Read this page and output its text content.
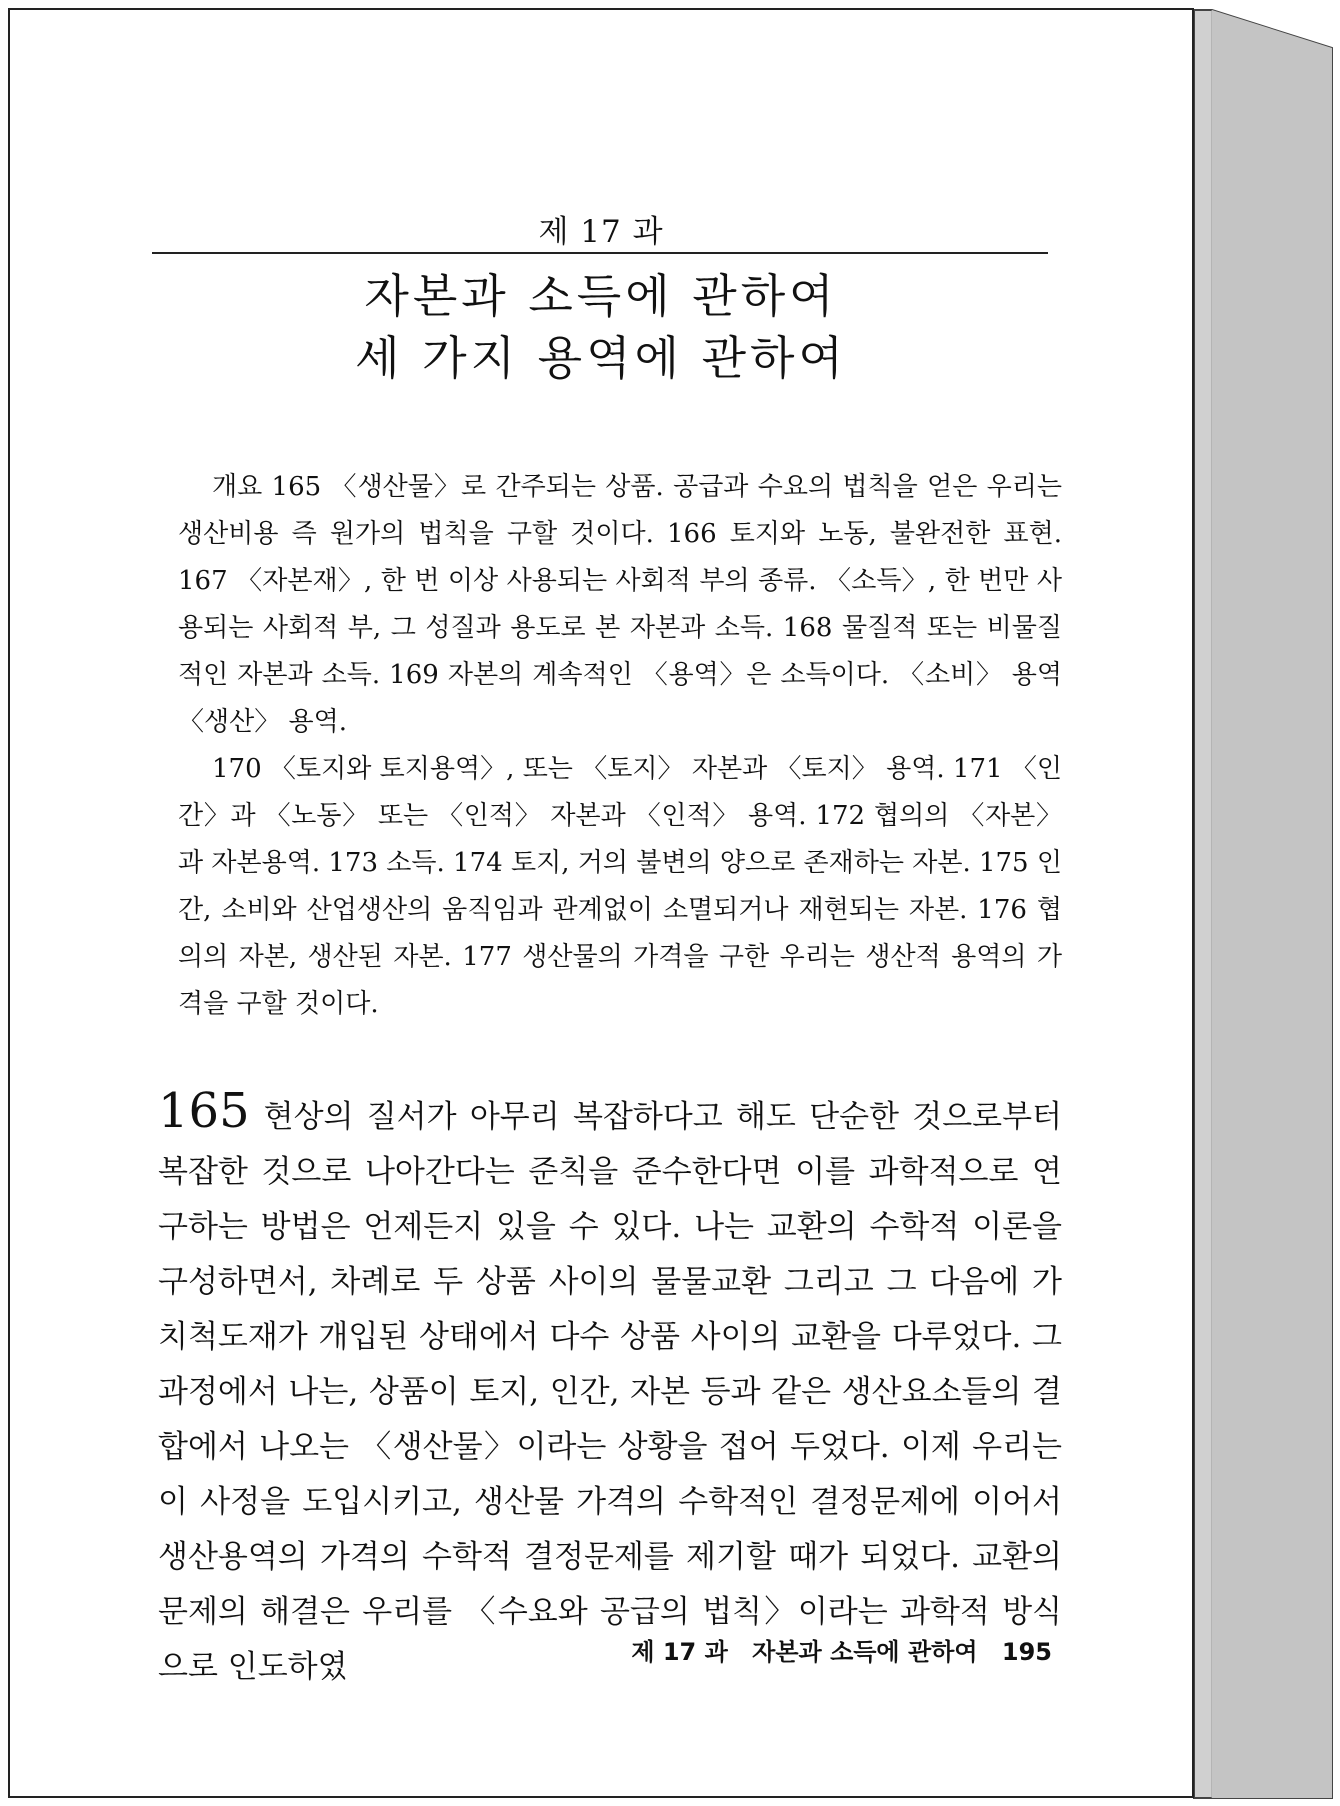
제 17 과
자본과 소득에 관하여
세 가지 용역에 관하여

개요 165 〈생산물〉로 간주되는 상품. 공급과 수요의 법칙을 얻은 우리는 생산비용 즉 원가의 법칙을 구할 것이다. 166 토지와 노동, 불완전한 표현. 167 〈자본재〉, 한 번 이상 사용되는 사회적 부의 종류. 〈소득〉, 한 번만 사용되는 사회적 부, 그 성질과 용도로 본 자본과 소득. 168 물질적 또는 비물질적인 자본과 소득. 169 자본의 계속적인 〈용역〉은 소득이다. 〈소비〉 용역 〈생산〉 용역.

170 〈토지와 토지용역〉, 또는 〈토지〉 자본과 〈토지〉 용역. 171 〈인간〉과 〈노동〉 또는 〈인적〉 자본과 〈인적〉 용역. 172 협의의 〈자본〉과 자본용역. 173 소득. 174 토지, 거의 불변의 양으로 존재하는 자본. 175 인간, 소비와 산업생산의 움직임과 관계없이 소멸되거나 재현되는 자본. 176 협의의 자본, 생산된 자본. 177 생산물의 가격을 구한 우리는 생산적 용역의 가격을 구할 것이다.

165 현상의 질서가 아무리 복잡하다고 해도 단순한 것으로부터 복잡한 것으로 나아간다는 준칙을 준수한다면 이를 과학적으로 연구하는 방법은 언제든지 있을 수 있다. 나는 교환의 수학적 이론을 구성하면서, 차례로 두 상품 사이의 물물교환 그리고 그 다음에 가치척도재가 개입된 상태에서 다수 상품 사이의 교환을 다루었다. 그 과정에서 나는, 상품이 토지, 인간, 자본 등과 같은 생산요소들의 결합에서 나오는 〈생산물〉이라는 상황을 접어 두었다. 이제 우리는 이 사정을 도입시키고, 생산물 가격의 수학적인 결정문제에 이어서 생산용역의 가격의 수학적 결정문제를 제기할 때가 되었다. 교환의 문제의 해결은 우리를 〈수요와 공급의 법칙〉이라는 과학적 방식으로 인도하였	제 17 과 자본과 소득에 관하여 195
